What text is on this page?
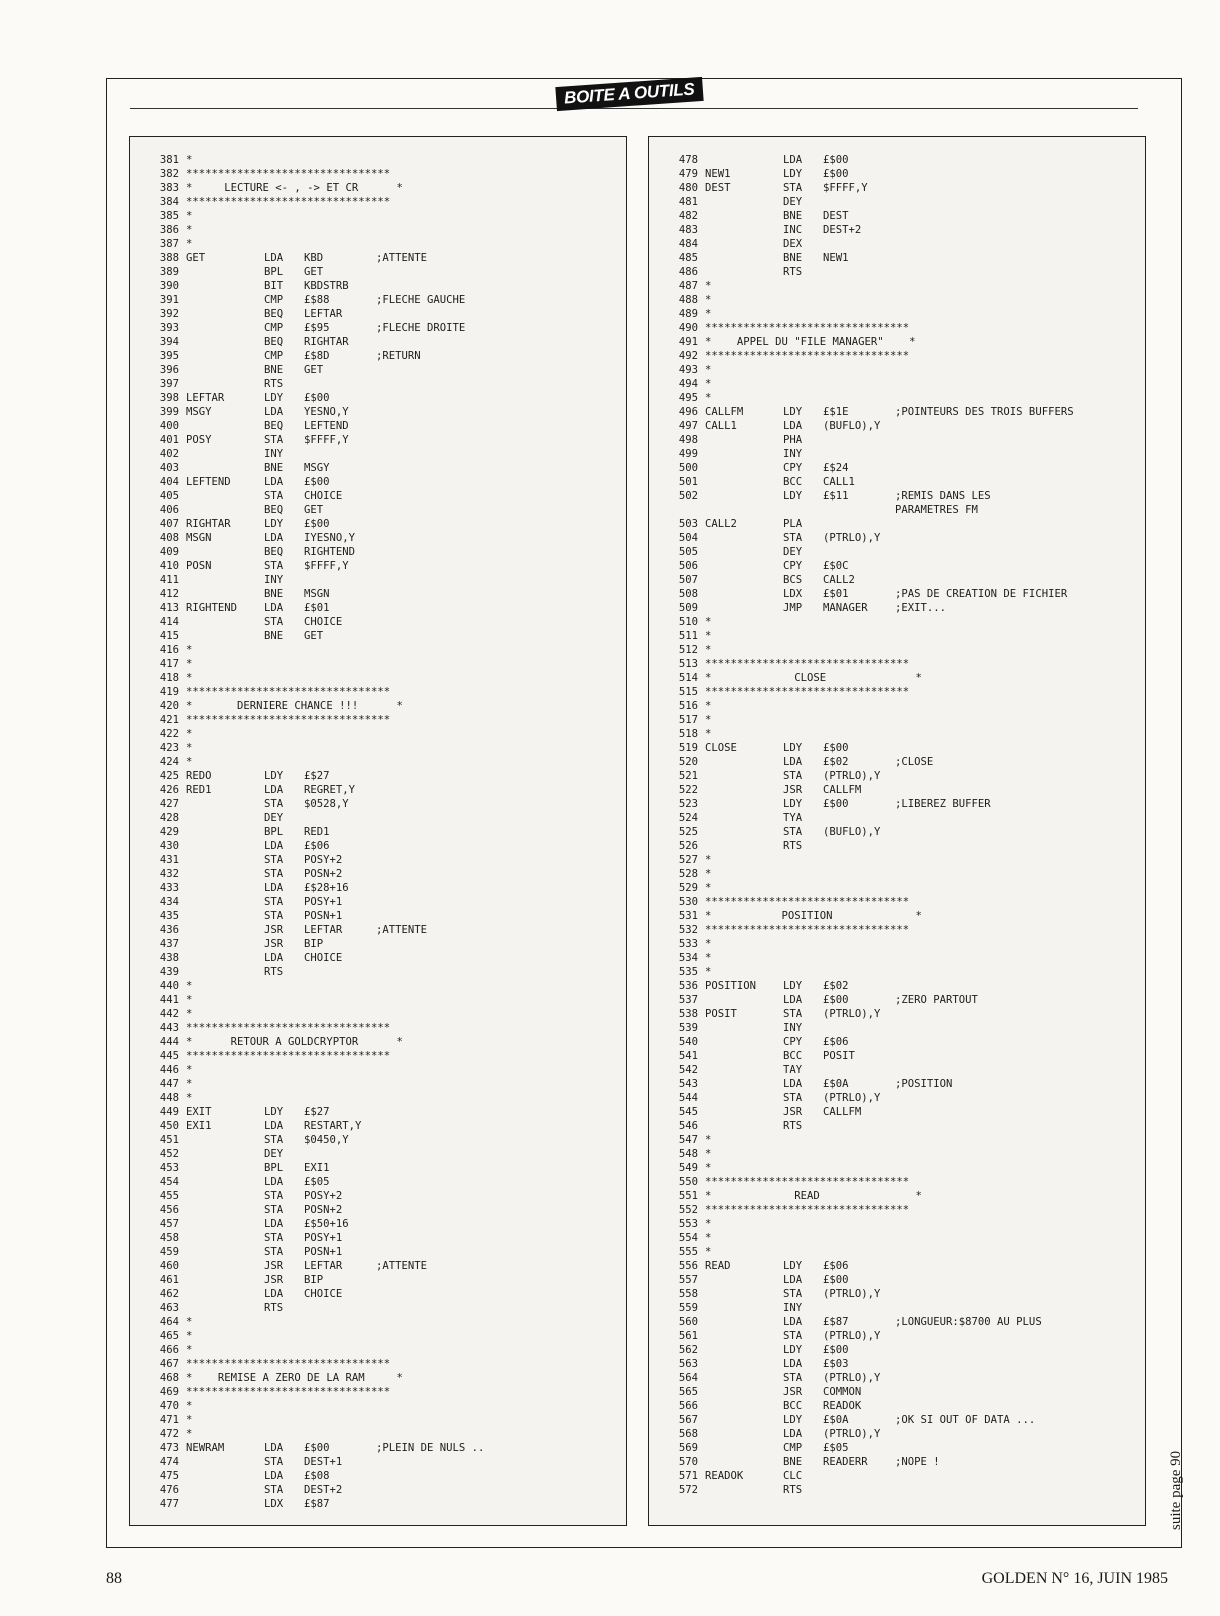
BOITE A OUTILS
381 *
382 ********************************
383 *     LECTURE <- , -> ET CR      *
384 ********************************
385 *
386 *
387 *
388 GET	LDA KBD	;ATTENTE
389	BPL GET
390	BIT KBDSTRB
391	CMP £$88	;FLECHE GAUCHE
392	BEQ LEFTAR
393	CMP £$95	;FLECHE DROITE
394	BEQ RIGHTAR
395	CMP £$8D	;RETURN
396	BNE GET
397	RTS
398 LEFTAR	LDY £$00
399 MSGY	LDA YESNO,Y
400	BEQ LEFTEND
401 POSY	STA $FFFF,Y
402	INY
403	BNE MSGY
404 LEFTEND	LDA £$00
405	STA CHOICE
406	BEQ GET
407 RIGHTAR	LDY £$00
408 MSGN	LDA IYESNO,Y
409	BEQ RIGHTEND
410 POSN	STA $FFFF,Y
411	INY
412	BNE MSGN
413 RIGHTEND	LDA £$01
414	STA CHOICE
415	BNE GET
416 *
417 *
418 *
419 ********************************
420 *       DERNIERE CHANCE !!!      *
421 ********************************
422 *
423 *
424 *
425 REDO	LDY £$27
426 RED1	LDA REGRET,Y
427	STA $0528,Y
428	DEY
429	BPL RED1
430	LDA £$06
431	STA POSY+2
432	STA POSN+2
433	LDA £$28+16
434	STA POSY+1
435	STA POSN+1
436	JSR LEFTAR	;ATTENTE
437	JSR BIP
438	LDA CHOICE
439	RTS
440 *
441 *
442 *
443 ********************************
444 *      RETOUR A GOLDCRYPTOR      *
445 ********************************
446 *
447 *
448 *
449 EXIT	LDY £$27
450 EXI1	LDA RESTART,Y
451	STA $0450,Y
452	DEY
453	BPL EXI1
454	LDA £$05
455	STA POSY+2
456	STA POSN+2
457	LDA £$50+16
458	STA POSY+1
459	STA POSN+1
460	JSR LEFTAR	;ATTENTE
461	JSR BIP
462	LDA CHOICE
463	RTS
464 *
465 *
466 *
467 ********************************
468 *    REMISE A ZERO DE LA RAM     *
469 ********************************
470 *
471 *
472 *
473 NEWRAM	LDA £$00	;PLEIN DE NULS ..
474	STA DEST+1
475	LDA £$08
476	STA DEST+2
477	LDX £$87
478	LDA £$00
479 NEW1	LDY £$00
480 DEST	STA $FFFF,Y
481	DEY
482	BNE DEST
483	INC DEST+2
484	DEX
485	BNE NEW1
486	RTS
487 *
488 *
489 *
490 ********************************
491 *    APPEL DU "FILE MANAGER"    *
492 ********************************
493 *
494 *
495 *
496 CALLFM	LDY £$1E	;POINTEURS DES TROIS BUFFERS
497 CALL1	LDA (BUFLO),Y
498	PHA
499	INY
500	CPY £$24
501	BCC CALL1
502	LDY £$11	;REMIS DANS LES
PARAMETRES FM
503 CALL2	PLA
504	STA (PTRLO),Y
505	DEY
506	CPY £$0C
507	BCS CALL2
508	LDX £$01	;PAS DE CREATION DE FICHIER
509	JMP MANAGER	;EXIT...
510 *
511 *
512 *
513 ********************************
514 *             CLOSE              *
515 ********************************
516 *
517 *
518 *
519 CLOSE	LDY £$00
520	LDA £$02	;CLOSE
521	STA (PTRLO),Y
522	JSR CALLFM
523	LDY £$00	;LIBEREZ BUFFER
524	TYA
525	STA (BUFLO),Y
526	RTS
527 *
528 *
529 *
530 ********************************
531 *           POSITION             *
532 ********************************
533 *
534 *
535 *
536 POSITION	LDY £$02
537	LDA £$00	;ZERO PARTOUT
538 POSIT	STA (PTRLO),Y
539	INY
540	CPY £$06
541	BCC POSIT
542	TAY
543	LDA £$0A	;POSITION
544	STA (PTRLO),Y
545	JSR CALLFM
546	RTS
547 *
548 *
549 *
550 ********************************
551 *             READ               *
552 ********************************
553 *
554 *
555 *
556 READ	LDY £$06
557	LDA £$00
558	STA (PTRLO),Y
559	INY
560	LDA £$87	;LONGUEUR:$8700 AU PLUS
561	STA (PTRLO),Y
562	LDY £$00
563	LDA £$03
564	STA (PTRLO),Y
565	JSR COMMON
566	BCC READOK
567	LDY £$0A	;OK SI OUT OF DATA ...
568	LDA (PTRLO),Y
569	CMP £$05
570	BNE READERR	;NOPE !
571 READOK	CLC
572	RTS
88	GOLDEN N° 16, JUIN 1985
suite page 90
